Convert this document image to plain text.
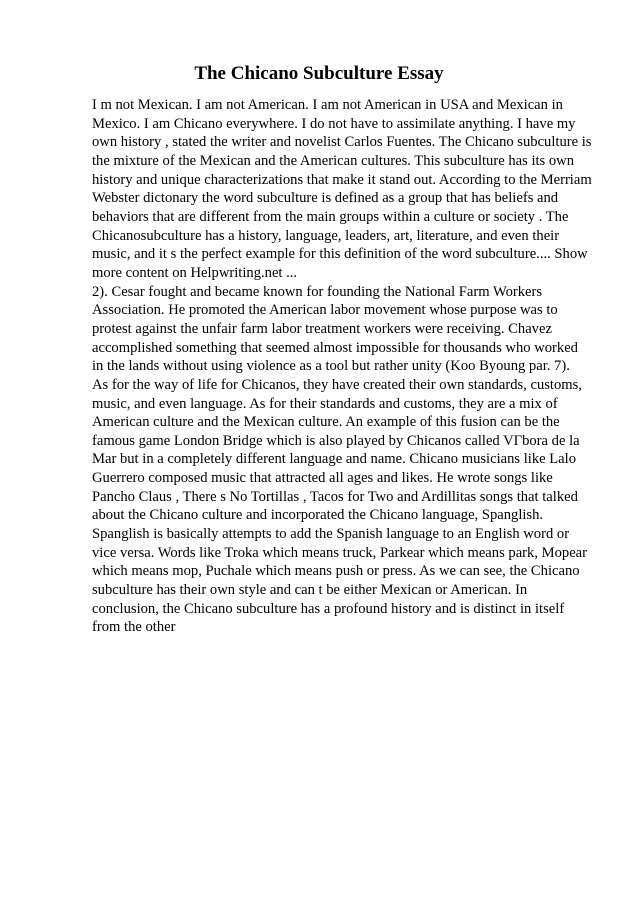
The Chicano Subculture Essay
I m not Mexican. I am not American. I am not American in USA and Mexican in
Mexico. I am Chicano everywhere. I do not have to assimilate anything. I have my
own history , stated the writer and novelist Carlos Fuentes. The Chicano subculture is
the mixture of the Mexican and the American cultures. This subculture has its own
history and unique characterizations that make it stand out. According to the Merriam
Webster dictonary the word subculture is defined as a group that has beliefs and
behaviors that are different from the main groups within a culture or society . The
Chicanosubculture has a history, language, leaders, art, literature, and even their
music, and it s the perfect example for this definition of the word subculture.... Show
more content on Helpwriting.net ...
2). Cesar fought and became known for founding the National Farm Workers
Association. He promoted the American labor movement whose purpose was to
protest against the unfair farm labor treatment workers were receiving. Chavez
accomplished something that seemed almost impossible for thousands who worked
in the lands without using violence as a tool but rather unity (Koo Byoung par. 7).
As for the way of life for Chicanos, they have created their own standards, customs,
music, and even language. As for their standards and customs, they are a mix of
American culture and the Mexican culture. An example of this fusion can be the
famous game London Bridge which is also played by Chicanos called VΓbora de la
Mar but in a completely different language and name. Chicano musicians like Lalo
Guerrero composed music that attracted all ages and likes. He wrote songs like
Pancho Claus , There s No Tortillas , Tacos for Two and Ardillitas songs that talked
about the Chicano culture and incorporated the Chicano language, Spanglish.
Spanglish is basically attempts to add the Spanish language to an English word or
vice versa. Words like Troka which means truck, Parkear which means park, Mopear
which means mop, Puchale which means push or press. As we can see, the Chicano
subculture has their own style and can t be either Mexican or American. In
conclusion, the Chicano subculture has a profound history and is distinct in itself
from the other
